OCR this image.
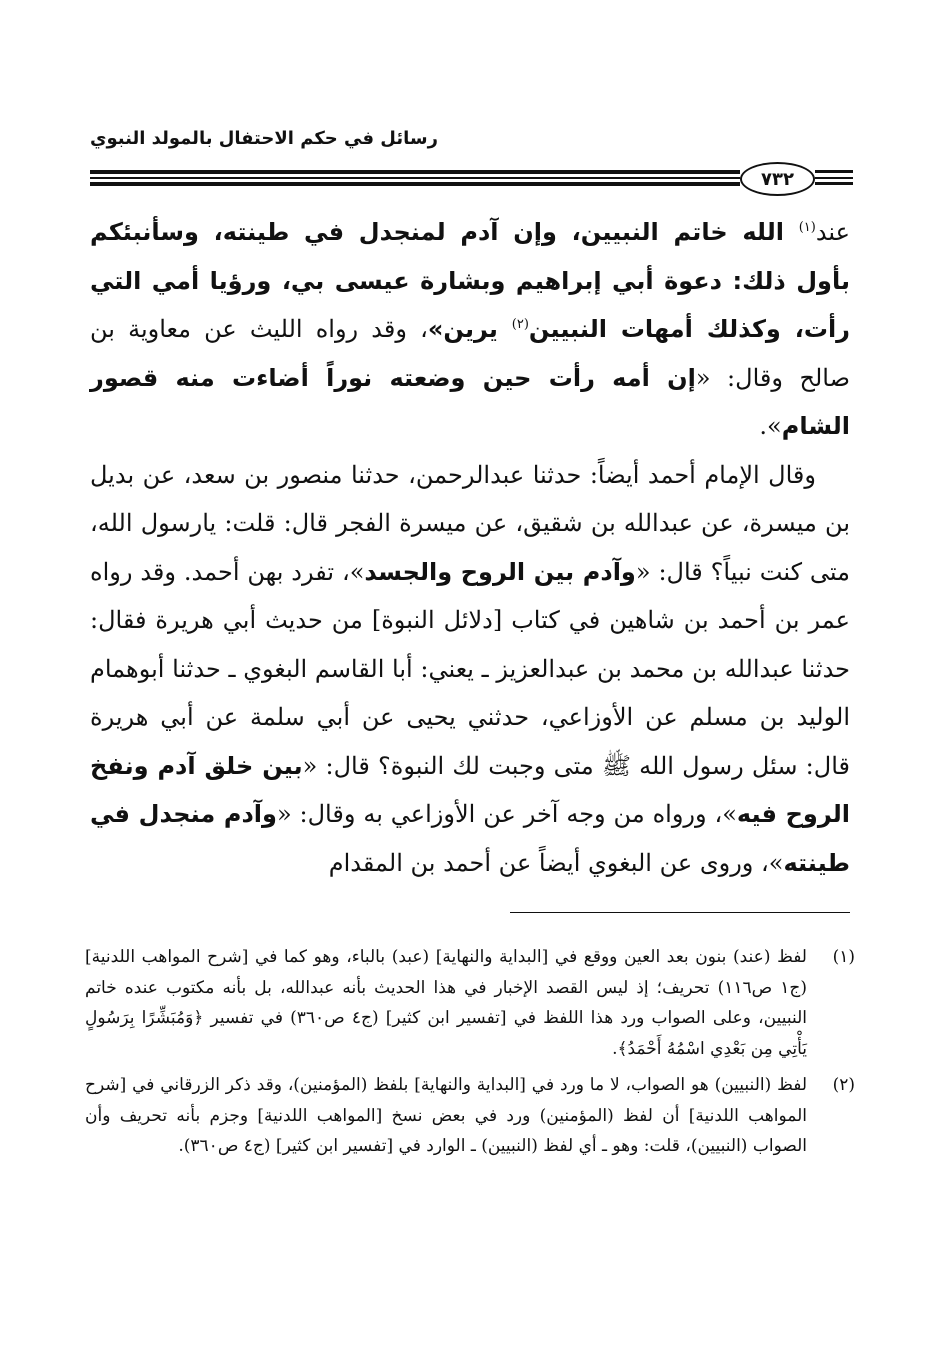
رسائل في حكم الاحتفال بالمولد النبوي
٧٣٢

عند$^{(١)}$ الله خاتم النبيين، وإن آدم لمنجدل في طينته، وسأنبئكم بأول ذلك: دعوة أبي إبراهيم وبشارة عيسى بي، ورؤيا أمي التي رأت، وكذلك أمهات النبيين$^{(٢)}$ يرين»، وقد رواه الليث عن معاوية بن صالح وقال: «إن أمه رأت حين وضعته نوراً أضاءت منه قصور الشام».

وقال الإمام أحمد أيضاً: حدثنا عبدالرحمن، حدثنا منصور بن سعد، عن بديل بن ميسرة، عن عبدالله بن شقيق، عن ميسرة الفجر قال: قلت: يارسول الله، متى كنت نبياً؟ قال: «وآدم بين الروح والجسد»، تفرد بهن أحمد. وقد رواه عمر بن أحمد بن شاهين في كتاب [دلائل النبوة] من حديث أبي هريرة فقال: حدثنا عبدالله بن محمد بن عبدالعزيز ـ يعني: أبا القاسم البغوي ـ حدثنا أبوهمام الوليد بن مسلم عن الأوزاعي، حدثني يحيى عن أبي سلمة عن أبي هريرة قال: سئل رسول الله ﷺ متى وجبت لك النبوة؟ قال: «بين خلق آدم ونفخ الروح فيه»، ورواه من وجه آخر عن الأوزاعي به وقال: «وآدم منجدل في طينته»، وروى عن البغوي أيضاً عن أحمد بن المقدام

(١)
لفظ (عند) بنون بعد العين ووقع في [البداية والنهاية] (عبد) بالباء، وهو كما في [شرح المواهب اللدنية] (ج١ ص١١٦) تحريف؛ إذ ليس القصد الإخبار في هذا الحديث بأنه عبدالله، بل بأنه مكتوب عنده خاتم النبيين، وعلى الصواب ورد هذا اللفظ في [تفسير ابن كثير] (ج٤ ص٣٦٠) في تفسير ﴿وَمُبَشِّرًا بِرَسُولٍ يَأْتِي مِن بَعْدِي اسْمُهُ أَحْمَدُ﴾.
(٢)
لفظ (النبيين) هو الصواب، لا ما ورد في [البداية والنهاية] بلفظ (المؤمنين)، وقد ذكر الزرقاني في [شرح المواهب اللدنية] أن لفظ (المؤمنين) ورد في بعض نسخ [المواهب اللدنية] وجزم بأنه تحريف وأن الصواب (النبيين)، قلت: وهو ـ أي لفظ (النبيين) ـ الوارد في [تفسير ابن كثير] (ج٤ ص٣٦٠).
